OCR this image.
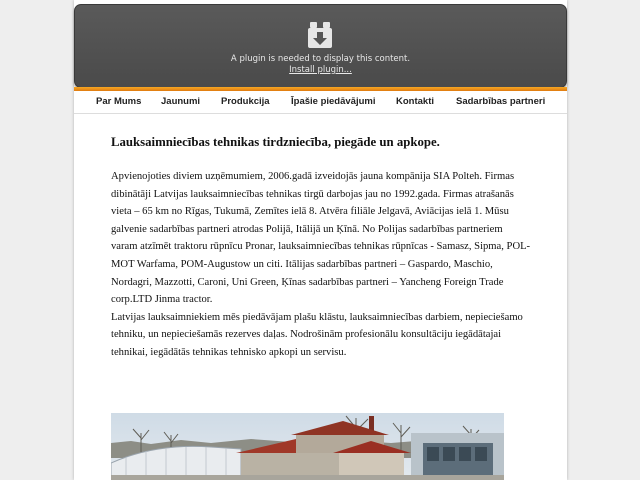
A plugin is needed to display this content.
Install plugin...
Par Mums Jaunumi Produkcija Īpašie piedāvājumi Kontakti Sadarbības partneri
Lauksaimniecības tehnikas tirdzniecība, piegāde un apkope.

Apvienojoties diviem uzņēmumiem, 2006.gadā izveidojās jauna kompānija SIA Polteh. Firmas dibinātāji Latvijas lauksaimniecības tehnikas tirgū darbojas jau no 1992.gada. Firmas atrašanās vieta – 65 km no Rīgas, Tukumā, Zemītes ielā 8. Atvēra filiāle Jelgavā, Aviācijas ielā 1. Mūsu galvenie sadarbības partneri atrodas Polijā, Itālijā un Ķīnā. No Polijas sadarbības partneriem varam atzīmēt traktoru rūpnīcu Pronar, lauksaimniecības tehnikas rūpnīcas - Samasz, Sipma, POL-MOT Warfama, POM-Augustow un citi. Itālijas sadarbības partneri – Gaspardo, Maschio, Nordagri, Mazzotti, Caroni, Uni Green, Ķīnas sadarbības partneri – Yancheng Foreign Trade corp.LTD Jinma tractor.

Latvijas lauksaimniekiem mēs piedāvājam plašu klāstu, lauksaimniecības darbiem, nepieciešamo tehniku, un nepieciešamās rezerves daļas. Nodrošinām profesionālu konsultāciju iegādātajai tehnikai, iegādātās tehnikas tehnisko apkopi un servisu.
